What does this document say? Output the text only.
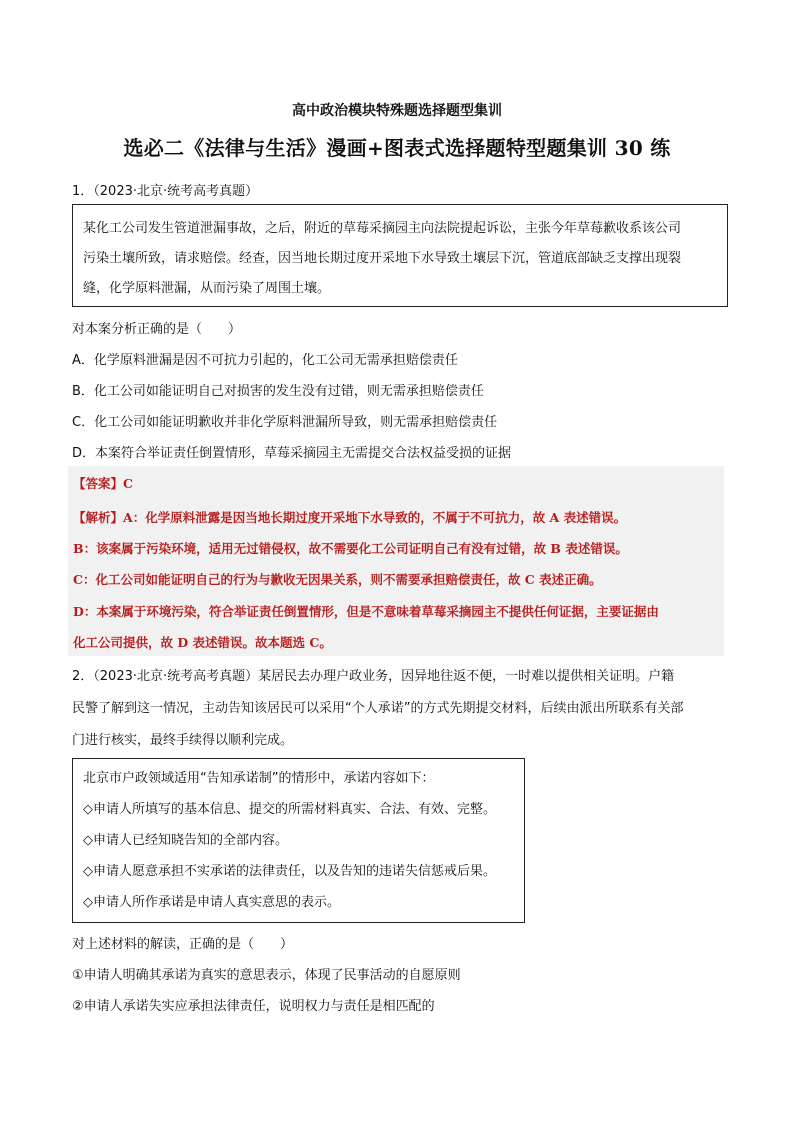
高中政治模块特殊题选择题型集训
选必二《法律与生活》漫画+图表式选择题特型题集训 30 练
1．（2023·北京·统考高考真题）
某化工公司发生管道泄漏事故，之后，附近的草莓采摘园主向法院提起诉讼，主张今年草莓歉收系该公司
污染土壤所致，请求赔偿。经查，因当地长期过度开采地下水导致土壤层下沉，管道底部缺乏支撑出现裂
缝，化学原料泄漏，从而污染了周围土壤。
对本案分析正确的是（　　）
A．化学原料泄漏是因不可抗力引起的，化工公司无需承担赔偿责任
B．化工公司如能证明自己对损害的发生没有过错，则无需承担赔偿责任
C．化工公司如能证明歉收并非化学原料泄漏所导致，则无需承担赔偿责任
D．本案符合举证责任倒置情形，草莓采摘园主无需提交合法权益受损的证据
【答案】C
【解析】A：化学原料泄露是因当地长期过度开采地下水导致的，不属于不可抗力，故 A 表述错误。
B：该案属于污染环境，适用无过错侵权，故不需要化工公司证明自己有没有过错，故 B 表述错误。
C：化工公司如能证明自己的行为与歉收无因果关系，则不需要承担赔偿责任，故 C 表述正确。
D：本案属于环境污染，符合举证责任倒置情形，但是不意味着草莓采摘园主不提供任何证据，主要证据由
化工公司提供，故 D 表述错误。故本题选 C。
2．（2023·北京·统考高考真题）某居民去办理户政业务，因异地往返不便，一时难以提供相关证明。户籍
民警了解到这一情况，主动告知该居民可以采用“个人承诺”的方式先期提交材料，后续由派出所联系有关部
门进行核实，最终手续得以顺利完成。
北京市户政领域适用“告知承诺制”的情形中，承诺内容如下：
◇申请人所填写的基本信息、提交的所需材料真实、合法、有效、完整。
◇申请人已经知晓告知的全部内容。
◇申请人愿意承担不实承诺的法律责任，以及告知的违诺失信惩戒后果。
◇申请人所作承诺是申请人真实意思的表示。
对上述材料的解读，正确的是（　　）
①申请人明确其承诺为真实的意思表示，体现了民事活动的自愿原则
②申请人承诺失实应承担法律责任，说明权力与责任是相匹配的
